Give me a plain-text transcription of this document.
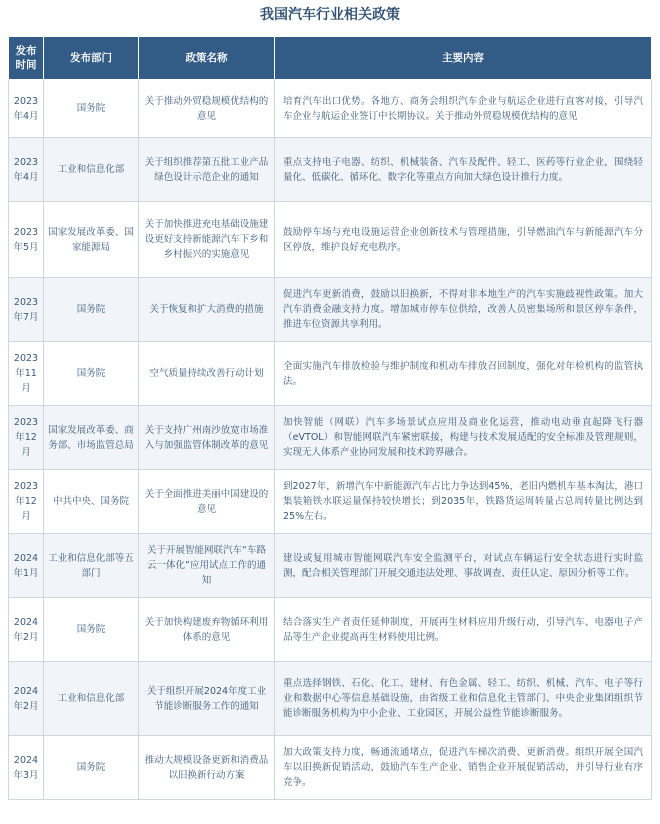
我国汽车行业相关政策
发布时间	发布部门	政策名称	主要内容
2023年4月	国务院	关于推动外贸稳规模优结构的意见	培育汽车出口优势。各地方、商务会组织汽车企业与航运企业进行直客对接，引导汽车企业与航运企业签订中长期协议。关于推动外贸稳规模优结构的意见
2023年4月	工业和信息化部	关于组织推荐第五批工业产品绿色设计示范企业的通知	重点支持电子电器、纺织、机械装备、汽车及配件、轻工、医药等行业企业，围绕轻量化、低碳化、循环化、数字化等重点方向加大绿色设计推行力度。
2023年5月	国家发展改革委、国家能源局	关于加快推进充电基础设施建设更好支持新能源汽车下乡和乡村振兴的实施意见	鼓励停车场与充电设施运营企业创新技术与管理措施，引导燃油汽车与新能源汽车分区停放，维护良好充电秩序。
2023年7月	国务院	关于恢复和扩大消费的措施	促进汽车更新消费，鼓励以旧换新，不得对非本地生产的汽车实施歧视性政策。加大汽车消费金融支持力度。增加城市停车位供给，改善人员密集场所和景区停车条件，推进车位资源共享利用。
2023年11月	国务院	空气质量持续改善行动计划	全面实施汽车排放检验与维护制度和机动车排放召回制度，强化对年检机构的监管执法。
2023年12月	国家发展改革委、商务部、市场监管总局	关于支持广州南沙放宽市场准入与加强监管体制改革的意见	加快智能（网联）汽车多场景试点应用及商业化运营，推动电动垂直起降飞行器（eVTOL）和智能网联汽车紧密联接，构建与技术发展适配的安全标准及管理规则，实现无人体系产业协同发展和技术跨界融合。
2023年12月	中共中央、国务院	关于全面推进美丽中国建设的意见	到2027年，新增汽车中新能源汽车占比力争达到45%，老旧内燃机车基本淘汰，港口集装箱铁水联运量保持较快增长；到2035年，铁路货运周转量占总周转量比例达到25%左右。
2024年1月	工业和信息化部等五部门	关于开展智能网联汽车“车路云一体化”应用试点工作的通知	建设或复用城市智能网联汽车安全监测平台，对试点车辆运行安全状态进行实时监测，配合相关管理部门开展交通违法处理、事故调查、责任认定、原因分析等工作。
2024年2月	国务院	关于加快构建废弃物循环利用体系的意见	结合落实生产者责任延伸制度，开展再生材料应用升级行动，引导汽车、电器电子产品等生产企业提高再生材料使用比例。
2024年2月	工业和信息化部	关于组织开展2024年度工业节能诊断服务工作的通知	重点选择钢铁、石化、化工、建材、有色金属、轻工、纺织、机械、汽车、电子等行业和数据中心等信息基础设施，由省级工业和信息化主管部门、中央企业集团组织节能诊断服务机构为中小企业、工业园区，开展公益性节能诊断服务。
2024年3月	国务院	推动大规模设备更新和消费品以旧换新行动方案	加大政策支持力度，畅通流通堵点，促进汽车梯次消费、更新消费。组织开展全国汽车以旧换新促销活动，鼓励汽车生产企业、销售企业开展促销活动，并引导行业有序竞争。
